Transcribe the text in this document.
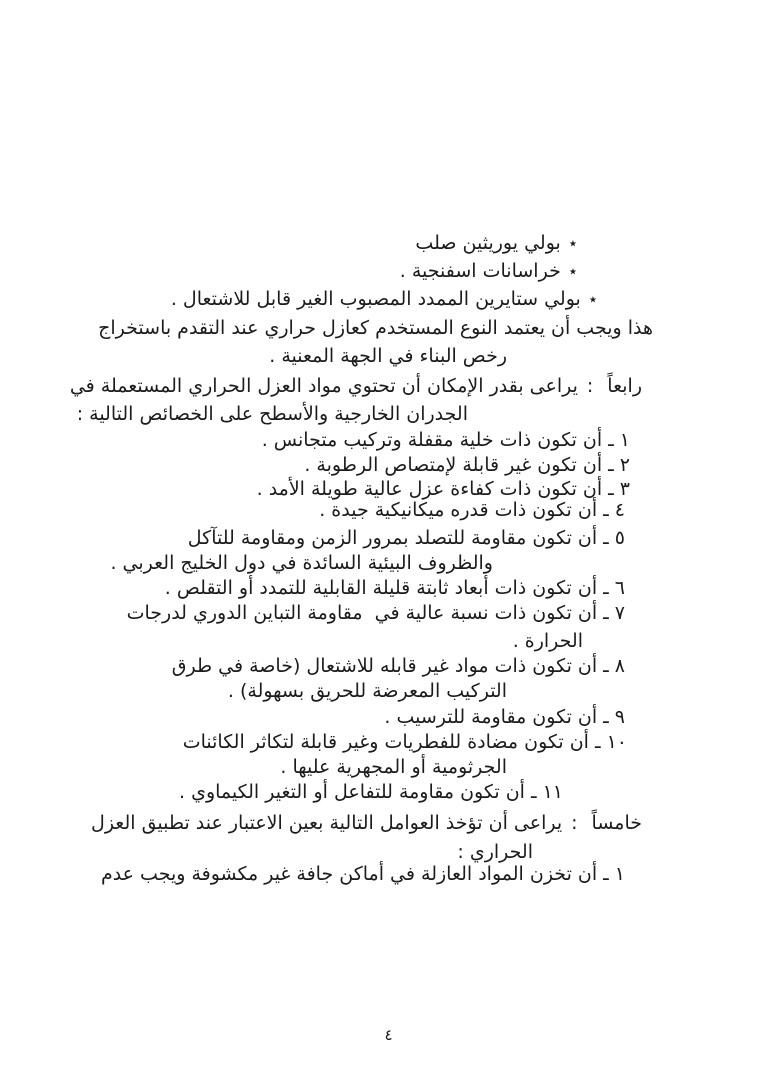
٭بولي يوريثين صلب
٭خراسانات اسفنجية .
٭بولي ستايرين الممدد المصبوب الغير قابل للاشتعال .
هذا ويجب أن يعتمد النوع المستخدم كعازل حراري عند التقدم باستخراج
رخص البناء في الجهة المعنية .
رابعاً:يراعى بقدر الإمكان أن تحتوي مواد العزل الحراري المستعملة في
الجدران الخارجية والأسطح على الخصائص التالية :
١ ـ أن تكون ذات خلية مقفلة وتركيب متجانس .
٢ ـ أن تكون غير قابلة لإمتصاص الرطوبة .
٣ ـ أن تكون ذات كفاءة عزل عالية طويلة الأمد .
٤ ـ أن تكون ذات قدره ميكانيكية جيدة .
٥ ـ أن تكون مقاومة للتصلد بمرور الزمن ومقاومة للتآكل
والظروف البيئية السائدة في دول الخليج العربي .
٦ ـ أن تكون ذات أبعاد ثابتة قليلة القابلية للتمدد أو التقلص .
٧ ـ أن تكون ذات نسبة عالية في  مقاومة التباين الدوري لدرجات
الحرارة .
٨ ـ أن تكون ذات مواد غير قابله للاشتعال (خاصة في طرق
التركيب المعرضة للحريق بسهولة) .
٩ ـ أن تكون مقاومة للترسيب .
١٠ ـ أن تكون مضادة للفطريات وغير قابلة لتكاثر الكائنات
الجرثومية أو المجهرية عليها .
١١ ـ أن تكون مقاومة للتفاعل أو التغير الكيماوي .
خامساً:يراعى أن تؤخذ العوامل التالية بعين الاعتبار عند تطبيق العزل
الحراري :
١ ـ أن تخزن المواد العازلة في أماكن جافة غير مكشوفة ويجب عدم
٤
